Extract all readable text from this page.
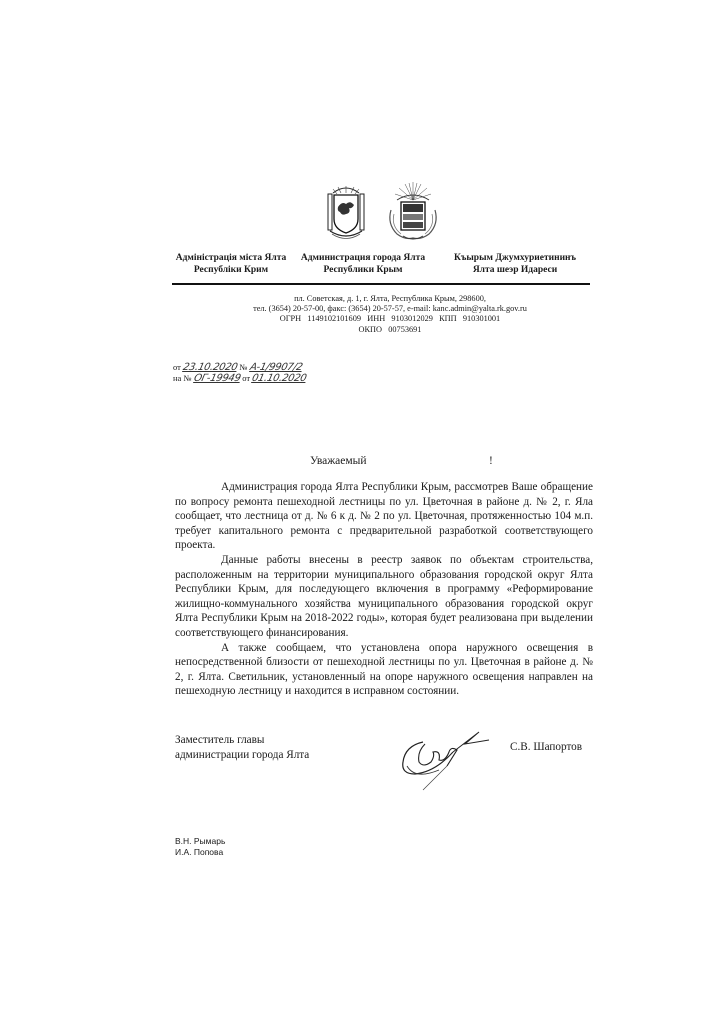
Адміністрація міста Ялта
Республіки Крим
Администрация города Ялта
Республики Крым
Къырым Джумхуриетининъ
Ялта шеэр Идареси
пл. Советская, д. 1, г. Ялта, Республика Крым, 298600,
тел. (3654) 20-57-00, факс: (3654) 20-57-57, e-mail: kanc.admin@yalta.rk.gov.ru
ОГРН   1149102101609   ИНН   9103012029   КПП   910301001
ОКПО   00753691
от 23.10.2020 № А-1/9907/2
на № ОГ-19949 от 01.10.2020
Уважаемый	!

Администрация города Ялта Республики Крым, рассмотрев Ваше обращение по вопросу ремонта пешеходной лестницы по ул. Цветочная в районе д. № 2, г. Яла сообщает, что лестница от д. № 6 к д. № 2 по ул. Цветочная, протяженностью 104 м.п. требует капитального ремонта с предварительной разработкой соответствующего проекта.

Данные работы внесены в реестр заявок по объектам строительства, расположенным на территории муниципального образования городской округ Ялта Республики Крым, для последующего включения в программу «Реформирование жилищно-коммунального хозяйства муниципального образования городской округ Ялта Республики Крым на 2018-2022 годы», которая будет реализована при выделении соответствующего финансирования.

А также сообщаем, что установлена опора наружного освещения в непосредственной близости от пешеходной лестницы по ул. Цветочная в районе д. № 2, г. Ялта. Светильник, установленный на опоре наружного освещения направлен на пешеходную лестницу и находится в исправном состоянии.

Заместитель главы
администрации города Ялта
С.В. Шапортов
В.Н. Рымарь
И.А. Попова
